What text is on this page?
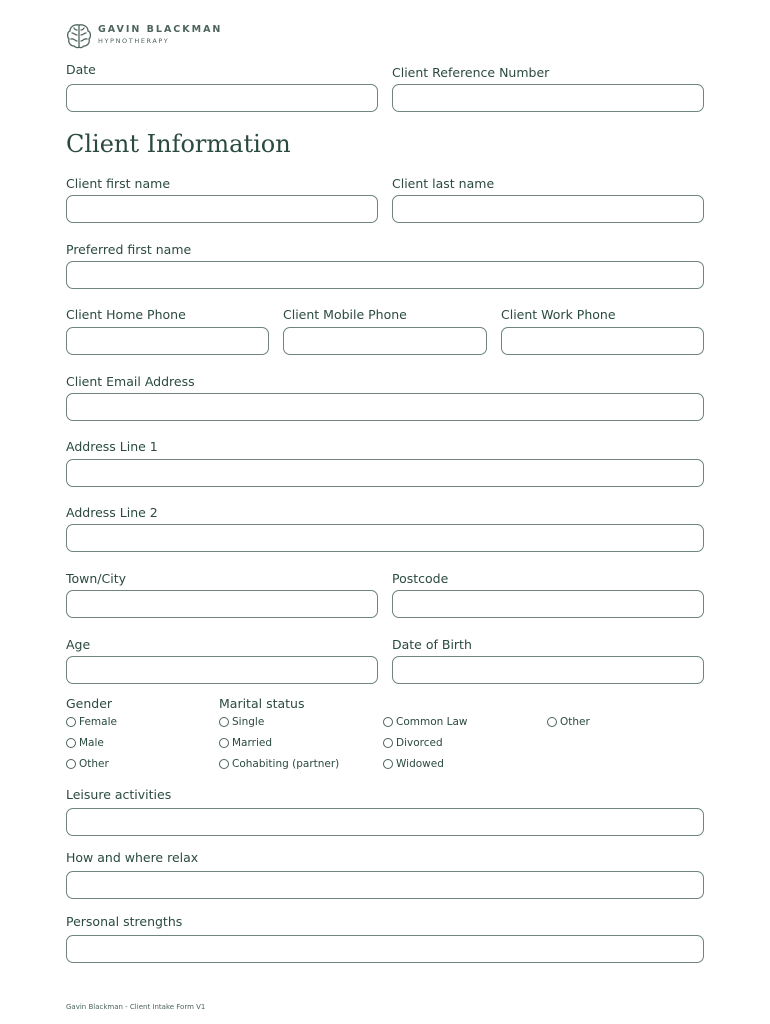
GAVIN BLACKMAN
HYPNOTHERAPY
Date	Client Reference Number
Client Information
Client first name	Client last name
Preferred first name
Client Home Phone	Client Mobile Phone	Client Work Phone
Client Email Address
Address Line 1
Address Line 2
Town/City	Postcode
Age	Date of Birth
Gender
Female
Male
Other
Marital status
Single
Married
Cohabiting (partner)
Common Law
Divorced
Widowed
Other
Leisure activities
How and where relax
Personal strengths
Gavin Blackman - Client Intake Form V1
